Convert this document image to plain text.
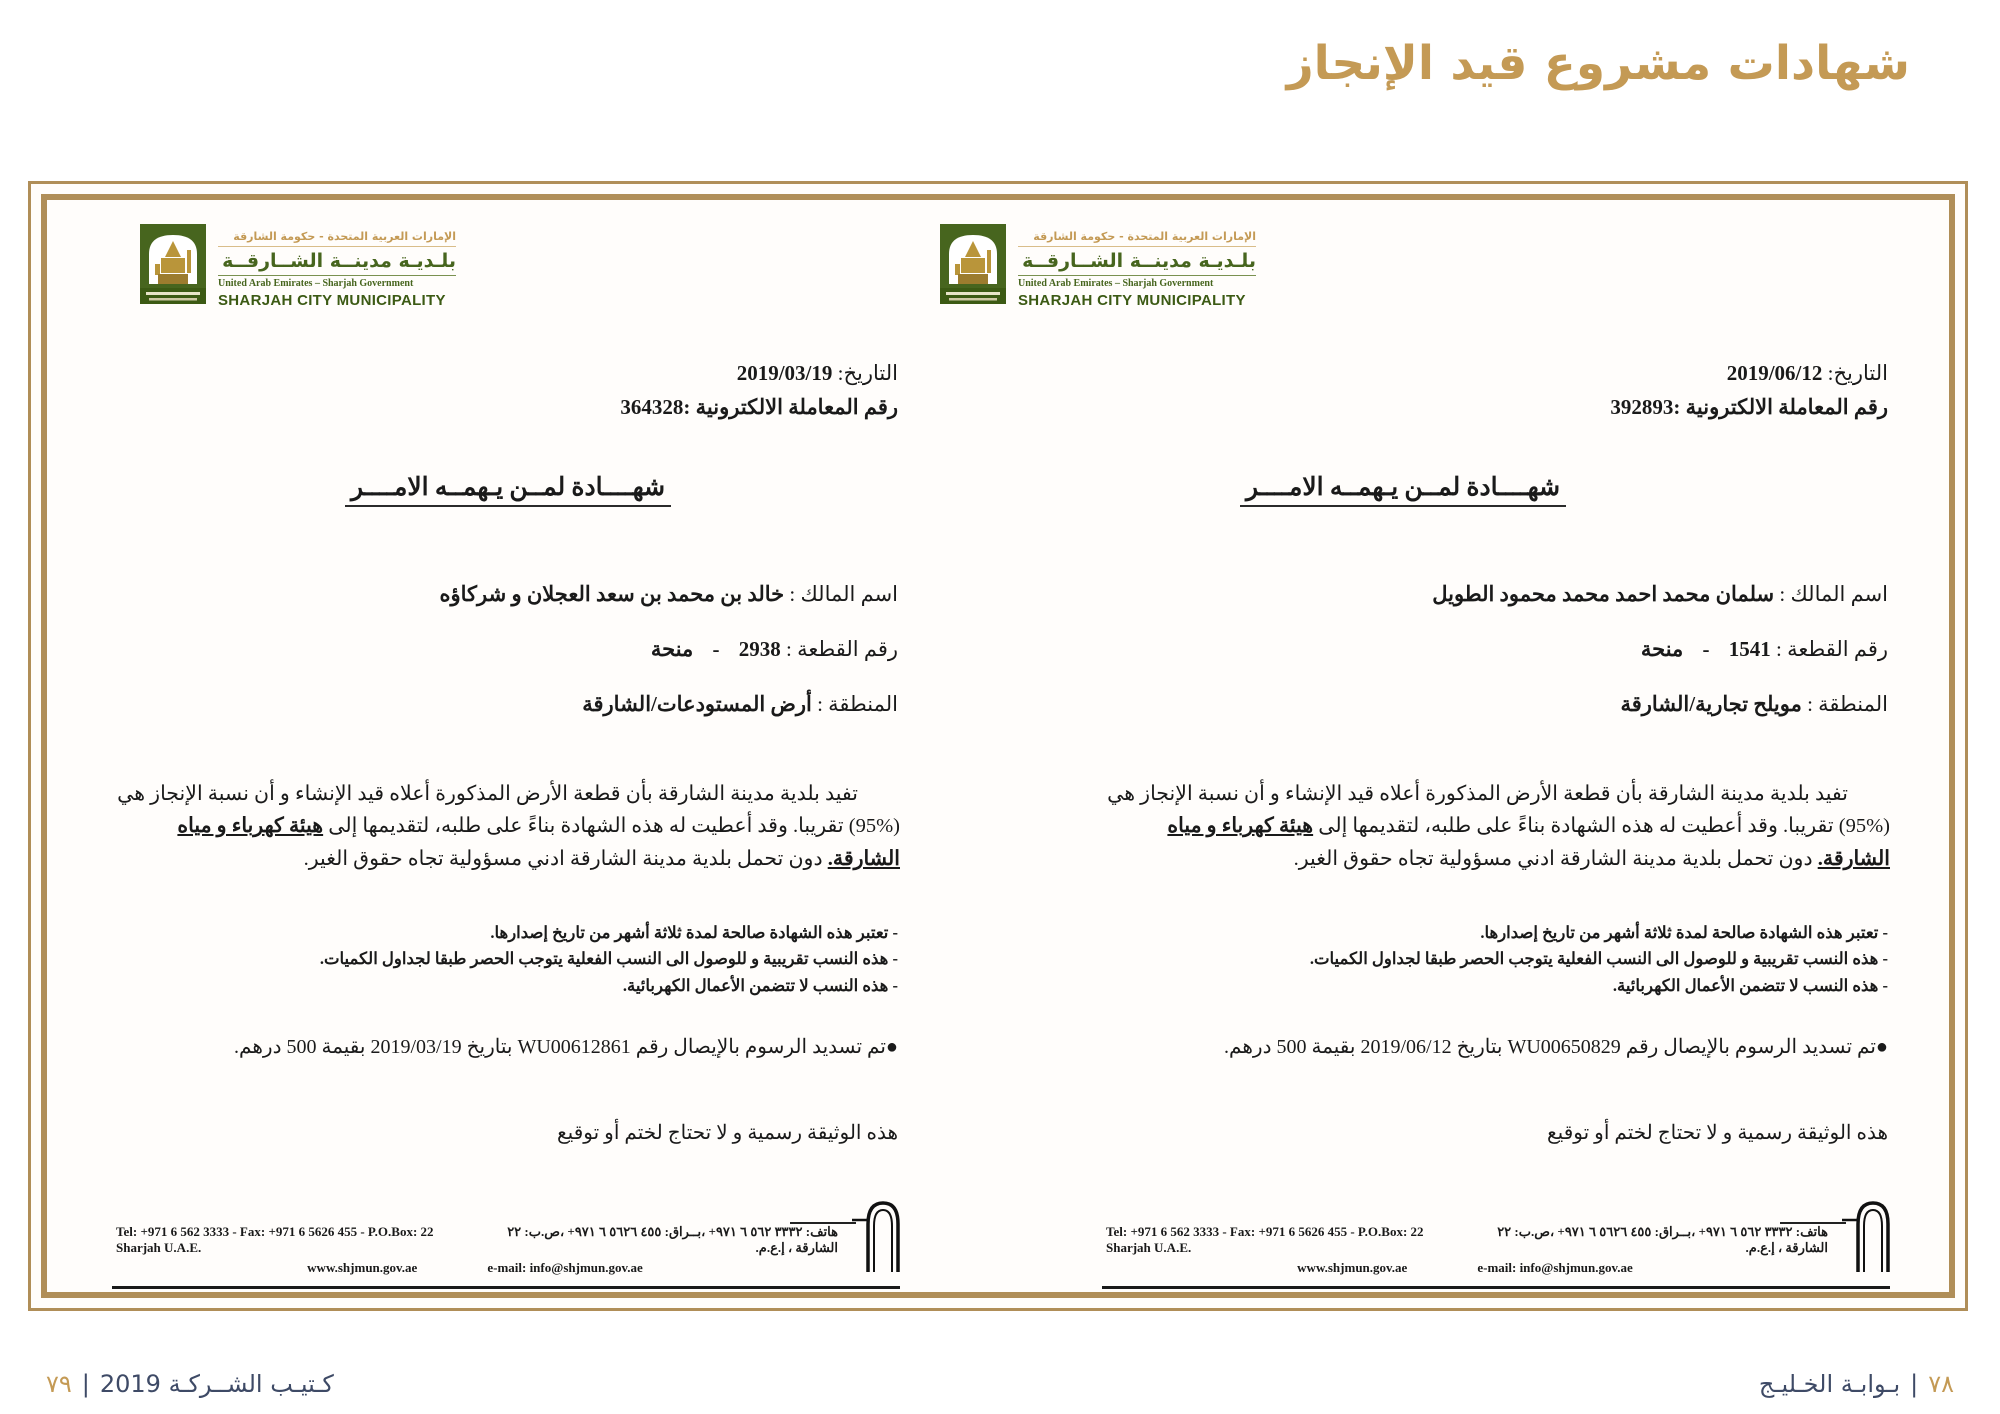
شهادات مشروع قيد الإنجاز
الإمارات العربية المتحدة - حكومة الشارقة
بلـديـة مدينــة الشــارقــة
United Arab Emirates – Sharjah Government
SHARJAH CITY MUNICIPALITY
التاريخ: 2019/03/19
رقم المعاملة الالكترونية :364328
شهــــادة لمــن يـهمــه الامــــر
اسم المالك : خالد بن محمد بن سعد العجلان و شركاؤه
رقم القطعة : 2938 - منحة
المنطقة : أرض المستودعات/الشارقة
تفيد بلدية مدينة الشارقة بأن قطعة الأرض المذكورة أعلاه قيد الإنشاء و أن نسبة الإنجاز هي (%95) تقريبا. وقد أعطيت له هذه الشهادة بناءً على طلبه، لتقديمها إلى هيئة كهرباء و مياه الشارقة. دون تحمل بلدية مدينة الشارقة ادني مسؤولية تجاه حقوق الغير.
- تعتبر هذه الشهادة صالحة لمدة ثلاثة أشهر من تاريخ إصدارها.
- هذه النسب تقريبية و للوصول الى النسب الفعلية يتوجب الحصر طبقا لجداول الكميات.
- هذه النسب لا تتضمن الأعمال الكهربائية.
●تم تسديد الرسوم بالإيصال رقم WU00612861 بتاريخ 2019/03/19 بقيمة 500 درهم.
هذه الوثيقة رسمية و لا تحتاج لختم أو توقيع
Tel: +971 6 562 3333 - Fax: +971 6 5626 455 - P.O.Box: 22 Sharjah U.A.E.
هاتف: ٣٣٣٢ ٥٦٢ ٦ ٩٧١+ ،بــراق: ٤٥٥ ٥٦٢٦ ٦ ٩٧١+ ،ص.ب: ٢٢ الشارقة ، إ.ع.م.
www.shjmun.gov.ae	e-mail: info@shjmun.gov.ae
الإمارات العربية المتحدة - حكومة الشارقة
بلـديـة مدينــة الشــارقــة
United Arab Emirates – Sharjah Government
SHARJAH CITY MUNICIPALITY
التاريخ: 2019/06/12
رقم المعاملة الالكترونية :392893
شهــــادة لمــن يـهمــه الامــــر
اسم المالك : سلمان محمد احمد محمد محمود الطويل
رقم القطعة : 1541 - منحة
المنطقة : مويلح تجارية/الشارقة
تفيد بلدية مدينة الشارقة بأن قطعة الأرض المذكورة أعلاه قيد الإنشاء و أن نسبة الإنجاز هي (%95) تقريبا. وقد أعطيت له هذه الشهادة بناءً على طلبه، لتقديمها إلى هيئة كهرباء و مياه الشارقة. دون تحمل بلدية مدينة الشارقة ادني مسؤولية تجاه حقوق الغير.
- تعتبر هذه الشهادة صالحة لمدة ثلاثة أشهر من تاريخ إصدارها.
- هذه النسب تقريبية و للوصول الى النسب الفعلية يتوجب الحصر طبقا لجداول الكميات.
- هذه النسب لا تتضمن الأعمال الكهربائية.
●تم تسديد الرسوم بالإيصال رقم WU00650829 بتاريخ 2019/06/12 بقيمة 500 درهم.
هذه الوثيقة رسمية و لا تحتاج لختم أو توقيع
Tel: +971 6 562 3333 - Fax: +971 6 5626 455 - P.O.Box: 22 Sharjah U.A.E.
هاتف: ٣٣٣٢ ٥٦٢ ٦ ٩٧١+ ،بــراق: ٤٥٥ ٥٦٢٦ ٦ ٩٧١+ ،ص.ب: ٢٢ الشارقة ، إ.ع.م.
www.shjmun.gov.ae	e-mail: info@shjmun.gov.ae
٧٩ | كـتيـب الشــركـة 2019	بـوابـة الخـليـج | ٧٨
